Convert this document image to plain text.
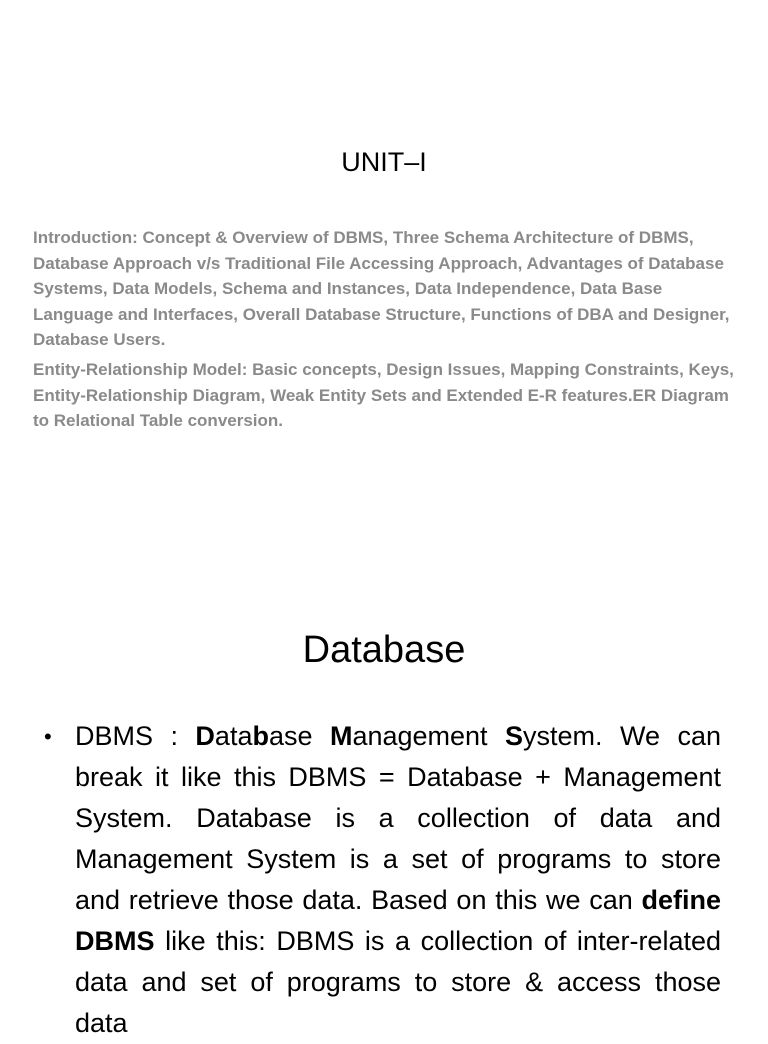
UNIT–I

Introduction: Concept & Overview of DBMS, Three Schema Architecture of DBMS, Database Approach v/s Traditional File Accessing Approach, Advantages of Database Systems, Data Models, Schema and Instances, Data Independence, Data Base Language and Interfaces, Overall Database Structure, Functions of DBA and Designer, Database Users.

Entity-Relationship Model: Basic concepts, Design Issues, Mapping Constraints, Keys, Entity-Relationship Diagram, Weak Entity Sets and Extended E-R features.ER Diagram to Relational Table conversion.

Database
• DBMS : Database Management System. We can break it like this DBMS = Database + Management System. Database is a collection of data and Management System is a set of programs to store and retrieve those data. Based on this we can define DBMS like this: DBMS is a collection of inter-related data and set of programs to store & access those data
